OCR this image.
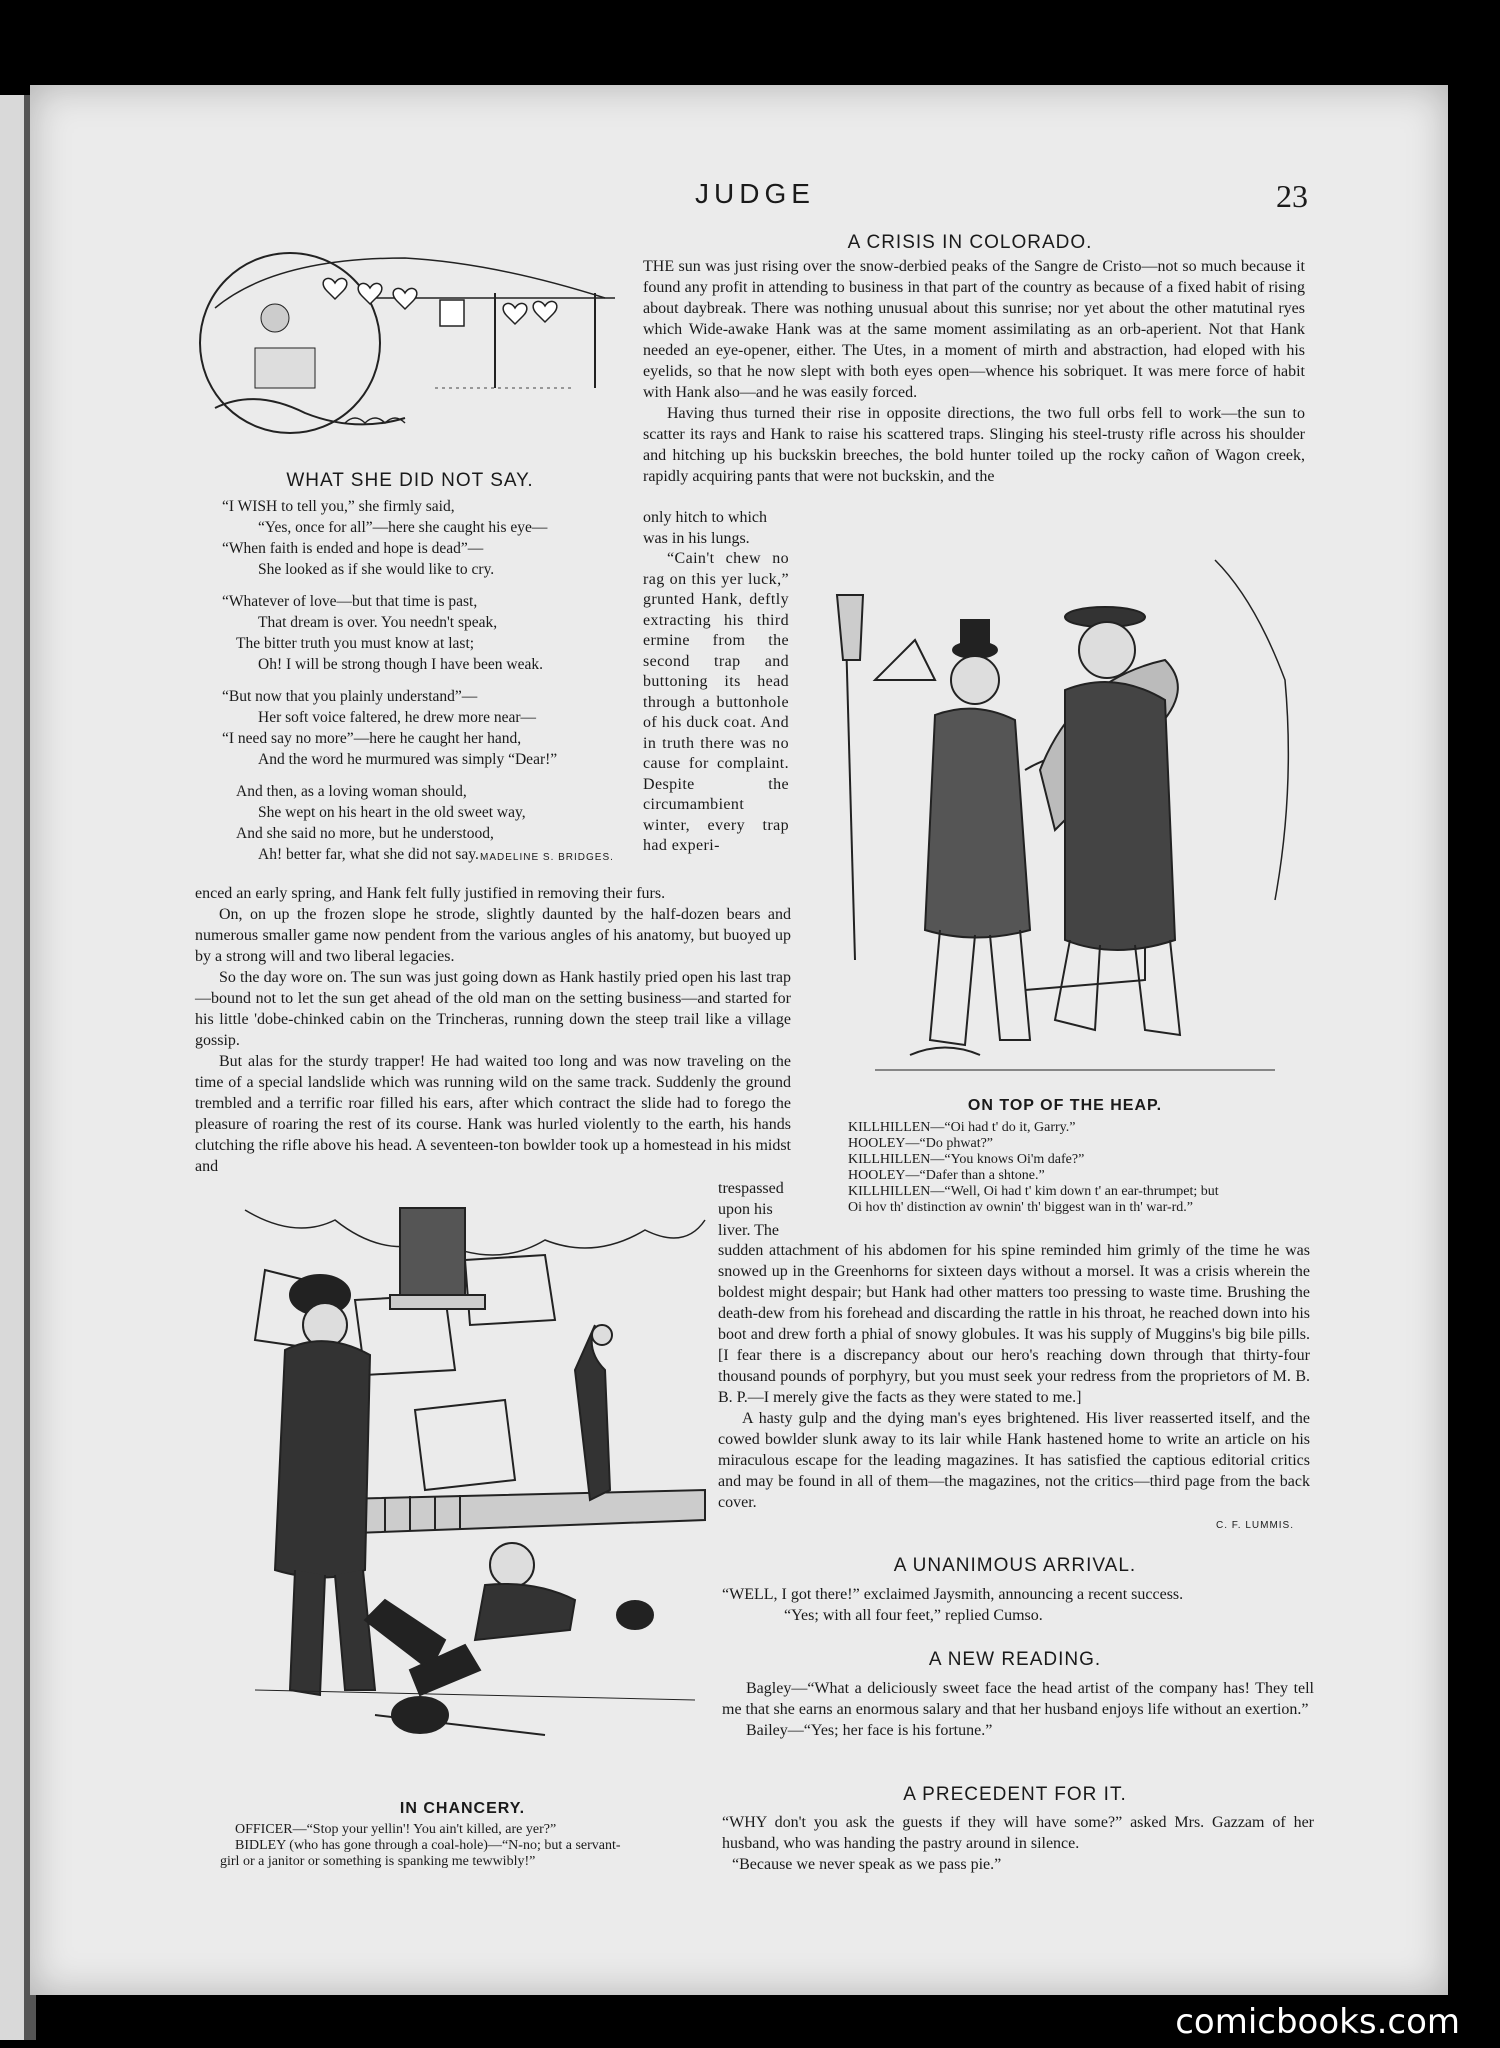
JUDGE	23
WHAT SHE DID NOT SAY.
“I WISH to tell you,” she firmly said,
“Yes, once for all”—here she caught his eye—
“When faith is ended and hope is dead”—
She looked as if she would like to cry.
“Whatever of love—but that time is past,
That dream is over. You needn't speak,
The bitter truth you must know at last;
Oh! I will be strong though I have been weak.
“But now that you plainly understand”—
Her soft voice faltered, he drew more near—
“I need say no more”—here he caught her hand,
And the word he murmured was simply “Dear!”
And then, as a loving woman should,
She wept on his heart in the old sweet way,
And she said no more, but he understood,
Ah! better far, what she did not say. MADELINE S. BRIDGES.
A CRISIS IN COLORADO.

THE sun was just rising over the snow-derbied peaks of the Sangre de Cristo—not so much because it found any profit in attending to business in that part of the country as because of a fixed habit of rising about daybreak. There was nothing unusual about this sunrise; nor yet about the other matutinal ryes which Wide-awake Hank was at the same moment assimilating as an orb-aperient. Not that Hank needed an eye-opener, either. The Utes, in a moment of mirth and abstraction, had eloped with his eyelids, so that he now slept with both eyes open—whence his sobriquet. It was mere force of habit with Hank also—and he was easily forced.

Having thus turned their rise in opposite directions, the two full orbs fell to work—the sun to scatter its rays and Hank to raise his scattered traps. Slinging his steel-trusty rifle across his shoulder and hitching up his buckskin breeches, the bold hunter toiled up the rocky cañon of Wagon creek, rapidly acquiring pants that were not buckskin, and the

only hitch to which was in his lungs.

“Cain't chew no rag on this yer luck,” grunted Hank, deftly extracting his third ermine from the second trap and buttoning its head through a buttonhole of his duck coat. And in truth there was no cause for complaint. Despite the circumambient winter, every trap had experi-

enced an early spring, and Hank felt fully justified in removing their furs.

On, on up the frozen slope he strode, slightly daunted by the half-dozen bears and numerous smaller game now pendent from the various angles of his anatomy, but buoyed up by a strong will and two liberal legacies.

So the day wore on. The sun was just going down as Hank hastily pried open his last trap—bound not to let the sun get ahead of the old man on the setting business—and started for his little 'dobe-chinked cabin on the Trincheras, running down the steep trail like a village gossip.

But alas for the sturdy trapper! He had waited too long and was now traveling on the time of a special landslide which was running wild on the same track. Suddenly the ground trembled and a terrific roar filled his ears, after which contract the slide had to forego the pleasure of roaring the rest of its course. Hank was hurled violently to the earth, his hands clutching the rifle above his head. A seventeen-ton bowlder took up a homestead in his midst and

ON TOP OF THE HEAP.
KILLHILLEN—“Oi had t' do it, Garry.”
HOOLEY—“Do phwat?”
KILLHILLEN—“You knows Oi'm dafe?”
HOOLEY—“Dafer than a shtone.”
KILLHILLEN—“Well, Oi had t' kim down t' an ear-thrumpet; but
Oi hov th' distinction av ownin' th' biggest wan in th' war-rd.”

trespassed upon his liver. The

sudden attachment of his abdomen for his spine reminded him grimly of the time he was snowed up in the Greenhorns for sixteen days without a morsel. It was a crisis wherein the boldest might despair; but Hank had other matters too pressing to waste time. Brushing the death-dew from his forehead and discarding the rattle in his throat, he reached down into his boot and drew forth a phial of snowy globules. It was his supply of Muggins's big bile pills. [I fear there is a discrepancy about our hero's reaching down through that thirty-four thousand pounds of porphyry, but you must seek your redress from the proprietors of M. B. B. P.—I merely give the facts as they were stated to me.]

A hasty gulp and the dying man's eyes brightened. His liver reasserted itself, and the cowed bowlder slunk away to its lair while Hank hastened home to write an article on his miraculous escape for the leading magazines. It has satisfied the captious editorial critics and may be found in all of them—the magazines, not the critics—third page from the back cover.

C. F. LUMMIS.
IN CHANCERY.
OFFICER—“Stop your yellin'! You ain't killed, are yer?”
BIDLEY (who has gone through a coal-hole)—“N-no; but a servant-
girl or a janitor or something is spanking me tewwibly!”
A UNANIMOUS ARRIVAL.
“WELL, I got there!” exclaimed Jaysmith, announcing a recent success.
“Yes; with all four feet,” replied Cumso.
A NEW READING.

Bagley—“What a deliciously sweet face the head artist of the company has! They tell me that she earns an enormous salary and that her husband enjoys life without an exertion.”

Bailey—“Yes; her face is his fortune.”

A PRECEDENT FOR IT.
“WHY don't you ask the guests if they will have some?” asked Mrs. Gazzam of her husband, who was handing the pastry around in silence.
“Because we never speak as we pass pie.”
comicbooks.com
